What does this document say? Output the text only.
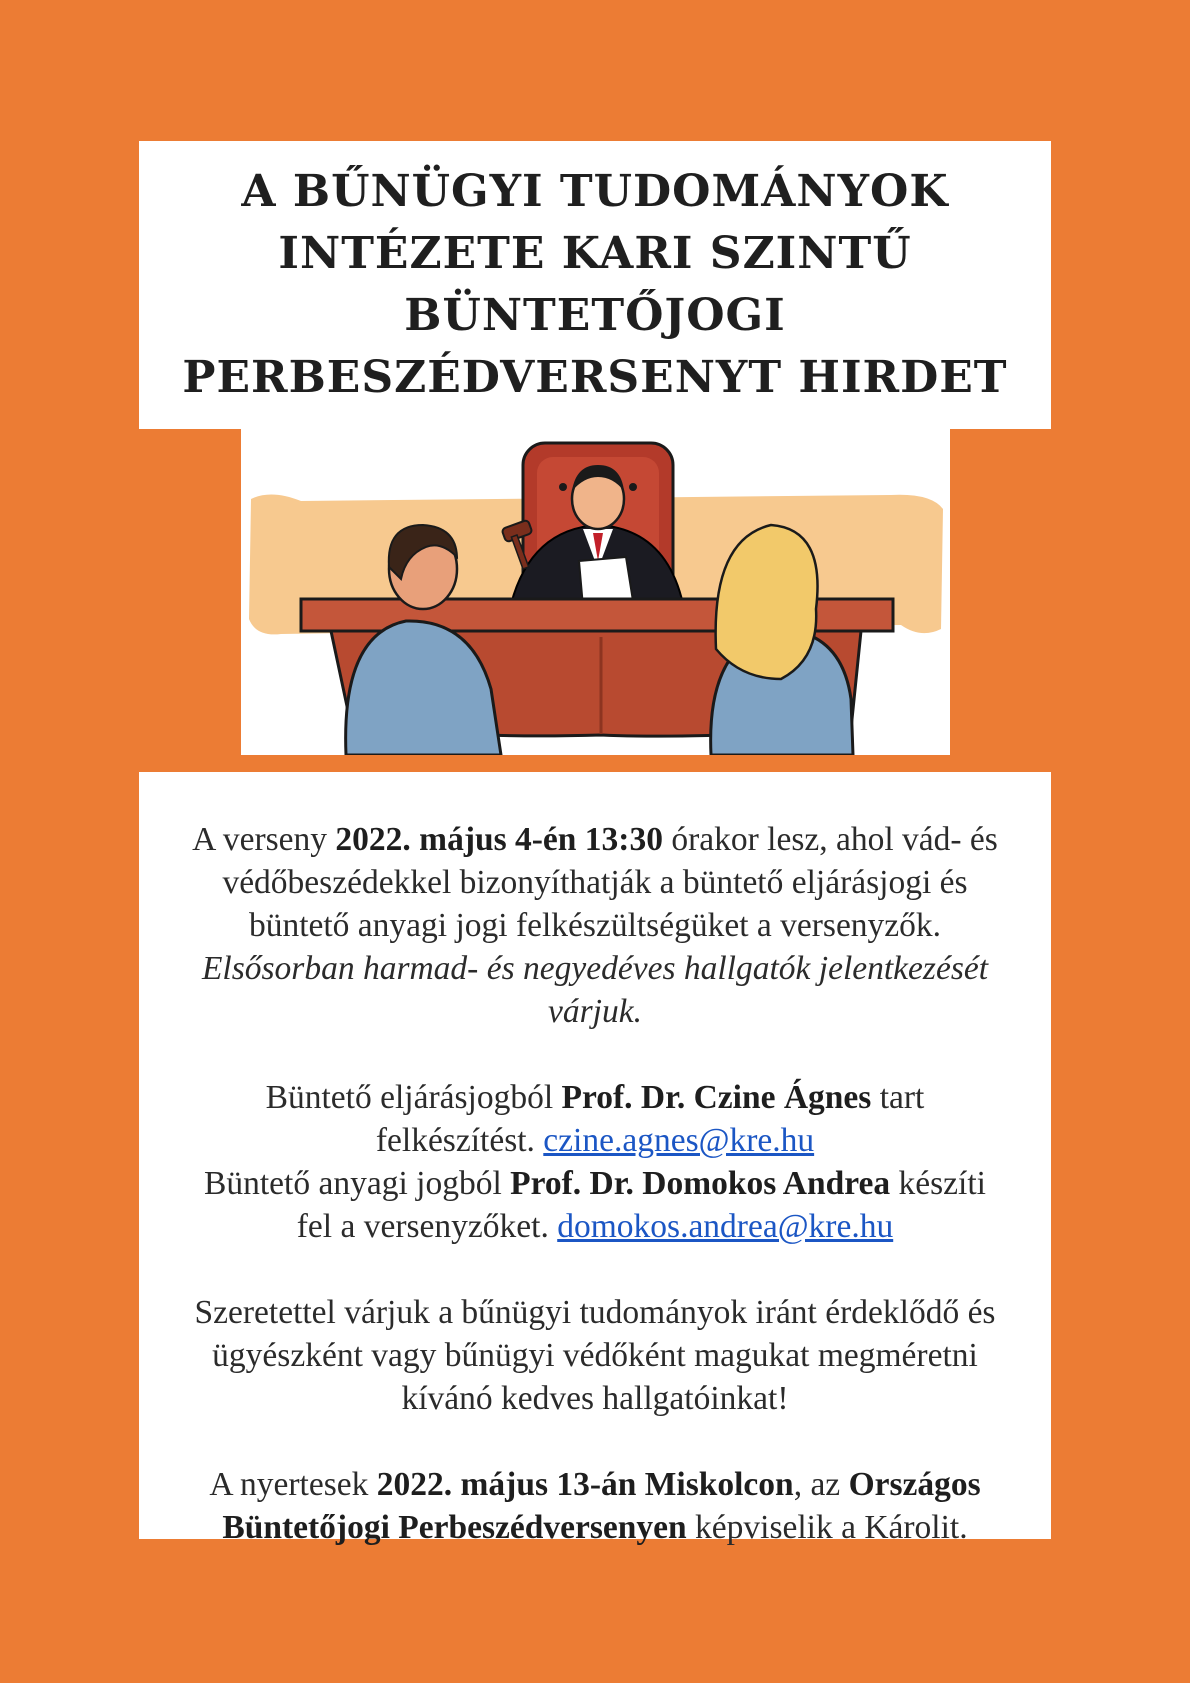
A BŰNÜGYI TUDOMÁNYOK
INTÉZETE KARI SZINTŰ
BÜNTETŐJOGI
PERBESZÉDVERSENYT HIRDET
A verseny 2022. május 4-én 13:30 órakor lesz, ahol vád- és
védőbeszédekkel bizonyíthatják a büntető eljárásjogi és
büntető anyagi jogi felkészültségüket a versenyzők.
Elsősorban harmad- és negyedéves hallgatók jelentkezését
várjuk.
Büntető eljárásjogból Prof. Dr. Czine Ágnes tart
felkészítést. czine.agnes@kre.hu
Büntető anyagi jogból Prof. Dr. Domokos Andrea készíti
fel a versenyzőket. domokos.andrea@kre.hu
Szeretettel várjuk a bűnügyi tudományok iránt érdeklődő és
ügyészként vagy bűnügyi védőként magukat megméretni
kívánó kedves hallgatóinkat!
A nyertesek 2022. május 13-án Miskolcon, az Országos
Büntetőjogi Perbeszédversenyen képviselik a Károlit.
